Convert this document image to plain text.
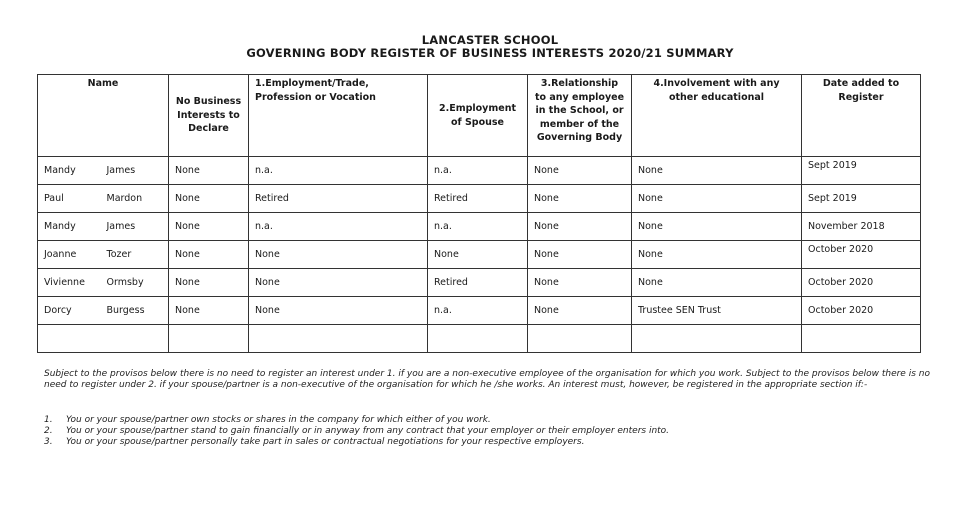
LANCASTER SCHOOL
GOVERNING BODY REGISTER OF BUSINESS INTERESTS 2020/21 SUMMARY
Name		No Business Interests to Declare	1.Employment/Trade, Profession or Vocation	2.Employment of Spouse	3.Relationship to any employee in the School, or member of the Governing Body	4.Involvement with any other educational	Date added to Register
Mandy	James	None	n.a.	n.a.	None	None	Sept 2019
Paul	Mardon	None	Retired	Retired	None	None	Sept 2019
Mandy	James	None	n.a.	n.a.	None	None	November 2018
Joanne	Tozer	None	None	None	None	None	October 2020
Vivienne	Ormsby	None	None	Retired	None	None	October 2020
Dorcy	Burgess	None	None	n.a.	None	Trustee SEN Trust	October 2020

Subject to the provisos below there is no need to register an interest under 1. if you are a non-executive employee of the organisation for which you work. Subject to the provisos below there is no need to register under 2. if your spouse/partner is a non-executive of the organisation for which he /she works. An interest must, however, be registered in the appropriate section if:-

1.	You or your spouse/partner own stocks or shares in the company for which either of you work.
2.	You or your spouse/partner stand to gain financially or in anyway from any contract that your employer or their employer enters into.
3.	You or your spouse/partner personally take part in sales or contractual negotiations for your respective employers.
